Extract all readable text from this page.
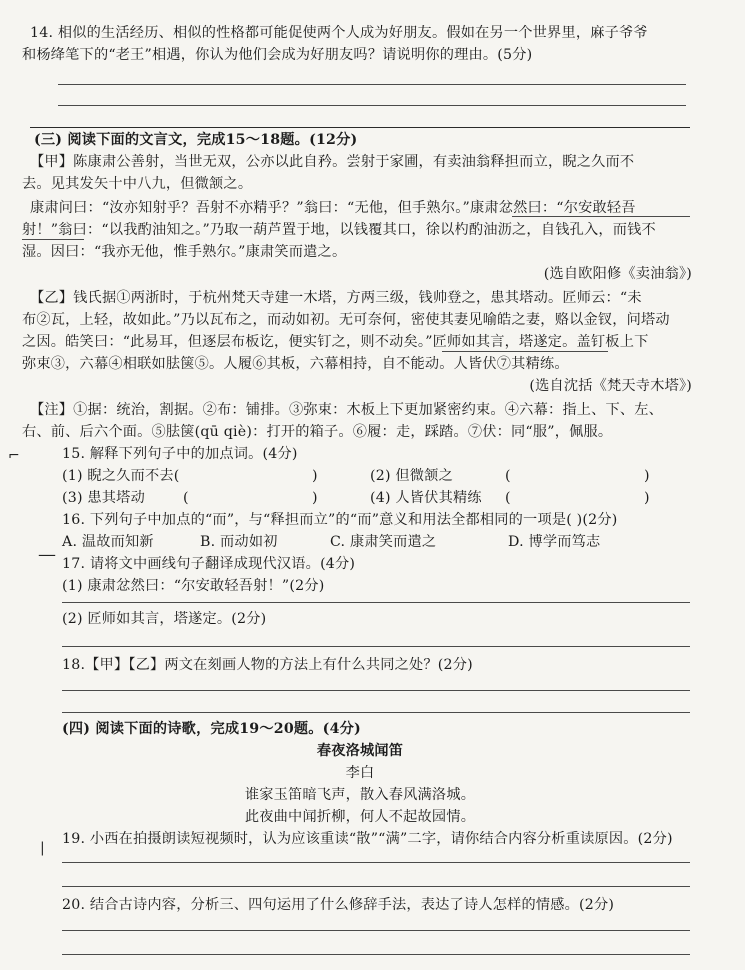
14. 相似的生活经历、相似的性格都可能促使两个人成为好朋友。假如在另一个世界里，麻子爷爷
和杨绛笔下的“老王”相遇，你认为他们会成为好朋友吗？请说明你的理由。(5分)
(三) 阅读下面的文言文，完成15～18题。(12分)
【甲】陈康肃公善射，当世无双，公亦以此自矜。尝射于家圃，有卖油翁释担而立，睨之久而不
去。见其发矢十中八九，但微颔之。
康肃问曰：“汝亦知射乎？吾射不亦精乎？”翁曰：“无他，但手熟尔。”康肃忿然曰：“尔安敢轻吾
射！”翁曰：“以我酌油知之。”乃取一葫芦置于地，以钱覆其口，徐以杓酌油沥之，自钱孔入，而钱不
湿。因曰：“我亦无他，惟手熟尔。”康肃笑而遣之。
(选自欧阳修《卖油翁》)
【乙】钱氏据①两浙时，于杭州梵天寺建一木塔，方两三级，钱帅登之，患其塔动。匠师云：“未
布②瓦，上轻，故如此。”乃以瓦布之，而动如初。无可奈何，密使其妻见喻皓之妻，赂以金钗，问塔动
之因。皓笑曰：“此易耳，但逐层布板讫，便实钉之，则不动矣。”匠师如其言，塔遂定。盖钉板上下
弥束③，六幕④相联如胠箧⑤。人履⑥其板，六幕相持，自不能动。人皆伏⑦其精练。
(选自沈括《梵天寺木塔》)
【注】①据：统治，割据。②布：铺排。③弥束：木板上下更加紧密约束。④六幕：指上、下、左、
右、前、后六个面。⑤胠箧(qū qiè)：打开的箱子。⑥履：走，踩踏。⑦伏：同“服”，佩服。
15. 解释下列句子中的加点词。(4分)
(1) 睨之久而不去(	)	(2) 但微颔之	(	)
(3) 患其塔动	(	)	(4) 人皆伏其精练 (	)
16. 下列句子中加点的“而”，与“释担而立”的“而”意义和用法全都相同的一项是( )(2分)
A. 温故而知新	B. 而动如初	C. 康肃笑而遣之	D. 博学而笃志
— 17. 请将文中画线句子翻译成现代汉语。(4分)
(1) 康肃忿然曰：“尔安敢轻吾射！”(2分)
(2) 匠师如其言，塔遂定。(2分)
18.【甲】【乙】两文在刻画人物的方法上有什么共同之处？(2分)
(四) 阅读下面的诗歌，完成19～20题。(4分)
春夜洛城闻笛
李白
谁家玉笛暗飞声，散入春风满洛城。
此夜曲中闻折柳，何人不起故园情。
19. 小西在拍摄朗读短视频时，认为应该重读“散”“满”二字，请你结合内容分析重读原因。(2分)
20. 结合古诗内容，分析三、四句运用了什么修辞手法，表达了诗人怎样的情感。(2分)
⌐
|
